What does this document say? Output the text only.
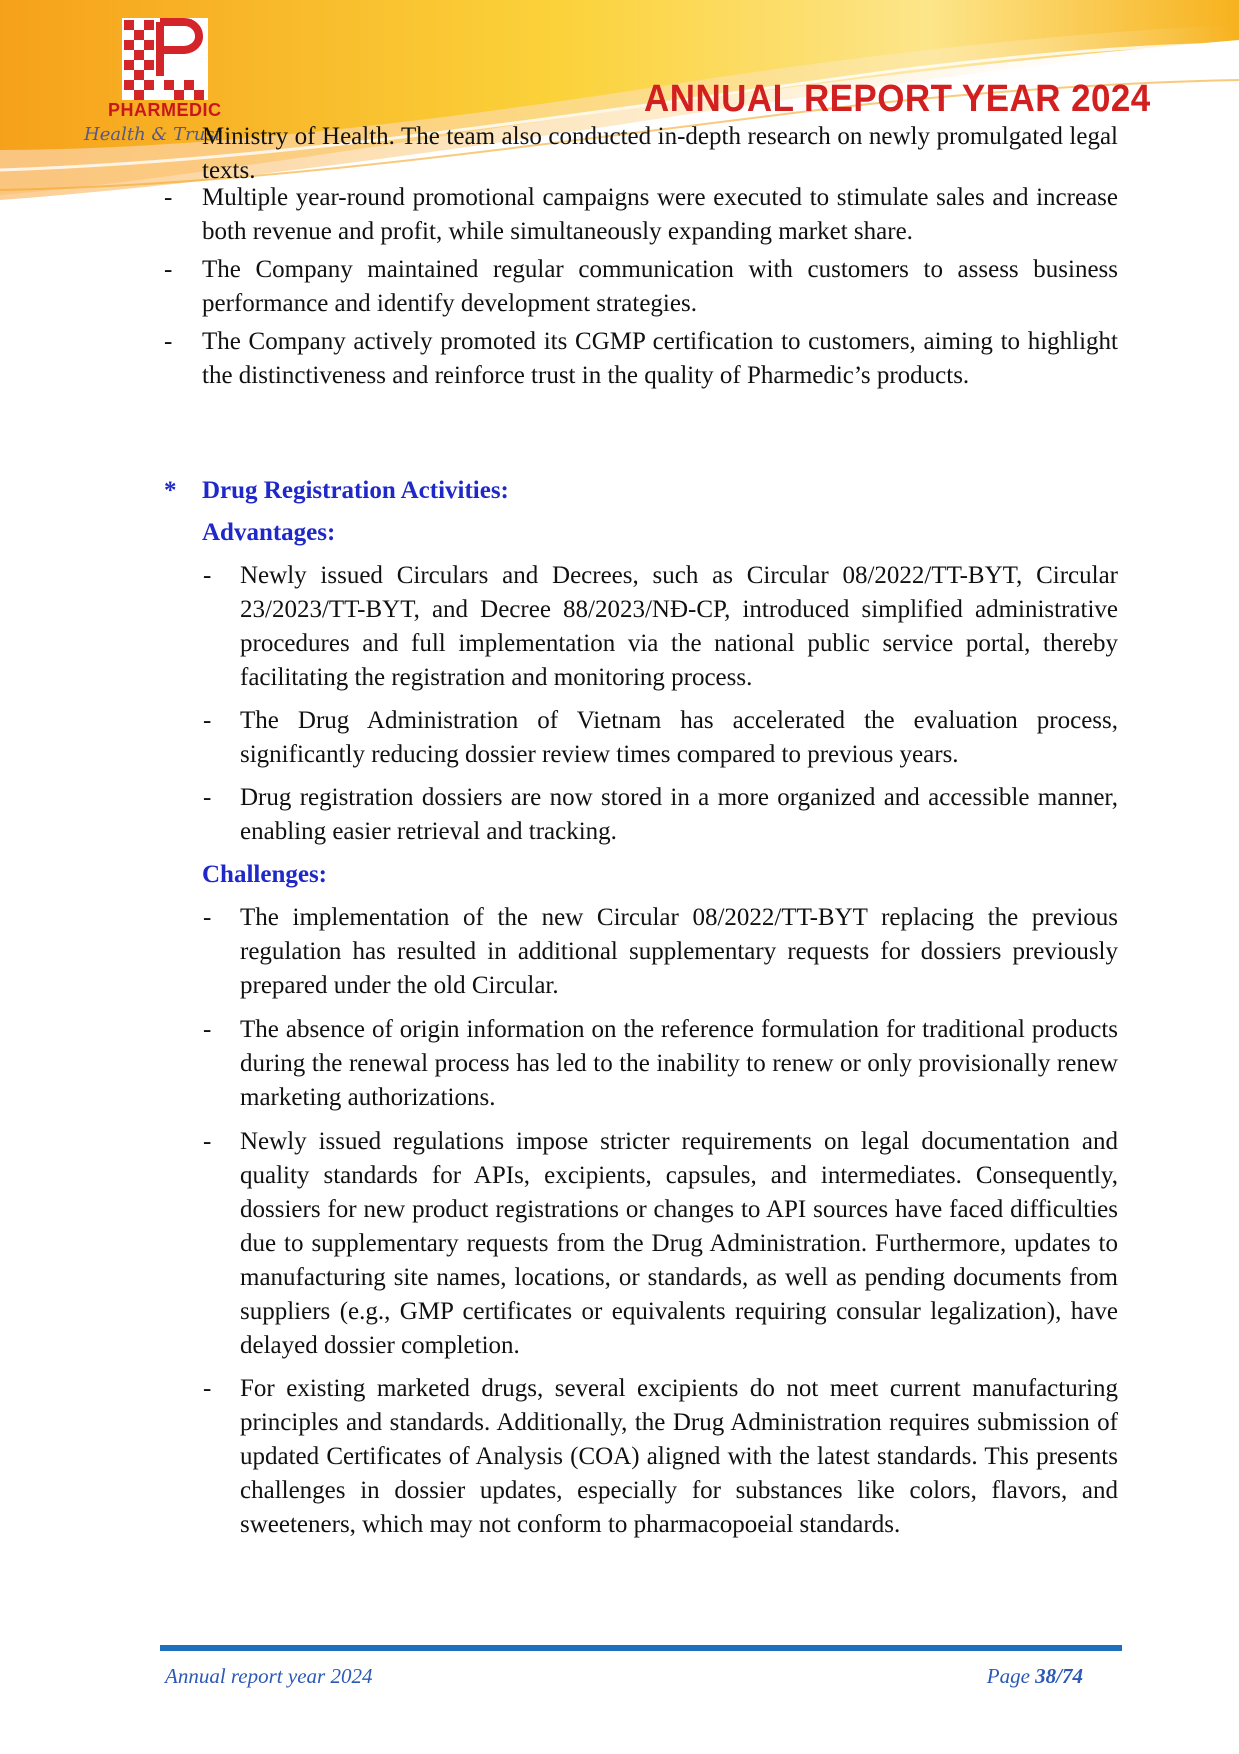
PHARMEDIC
Health & Trust
ANNUAL REPORT YEAR 2024
Ministry of Health. The team also conducted in-depth research on newly promulgated legal texts.
- Multiple year-round promotional campaigns were executed to stimulate sales and increase both revenue and profit, while simultaneously expanding market share.
- The Company maintained regular communication with customers to assess business performance and identify development strategies.
- The Company actively promoted its CGMP certification to customers, aiming to highlight the distinctiveness and reinforce trust in the quality of Pharmedic’s products.
* Drug Registration Activities:
Advantages:
- Newly issued Circulars and Decrees, such as Circular 08/2022/TT-BYT, Circular 23/2023/TT-BYT, and Decree 88/2023/NĐ-CP, introduced simplified administrative procedures and full implementation via the national public service portal, thereby facilitating the registration and monitoring process.
- The Drug Administration of Vietnam has accelerated the evaluation process, significantly reducing dossier review times compared to previous years.
- Drug registration dossiers are now stored in a more organized and accessible manner, enabling easier retrieval and tracking.
Challenges:
- The implementation of the new Circular 08/2022/TT-BYT replacing the previous regulation has resulted in additional supplementary requests for dossiers previously prepared under the old Circular.
- The absence of origin information on the reference formulation for traditional products during the renewal process has led to the inability to renew or only provisionally renew marketing authorizations.
- Newly issued regulations impose stricter requirements on legal documentation and quality standards for APIs, excipients, capsules, and intermediates. Consequently, dossiers for new product registrations or changes to API sources have faced difficulties due to supplementary requests from the Drug Administration. Furthermore, updates to manufacturing site names, locations, or standards, as well as pending documents from suppliers (e.g., GMP certificates or equivalents requiring consular legalization), have delayed dossier completion.
- For existing marketed drugs, several excipients do not meet current manufacturing principles and standards. Additionally, the Drug Administration requires submission of updated Certificates of Analysis (COA) aligned with the latest standards. This presents challenges in dossier updates, especially for substances like colors, flavors, and sweeteners, which may not conform to pharmacopoeial standards.
Annual report year 2024	Page 38/74
